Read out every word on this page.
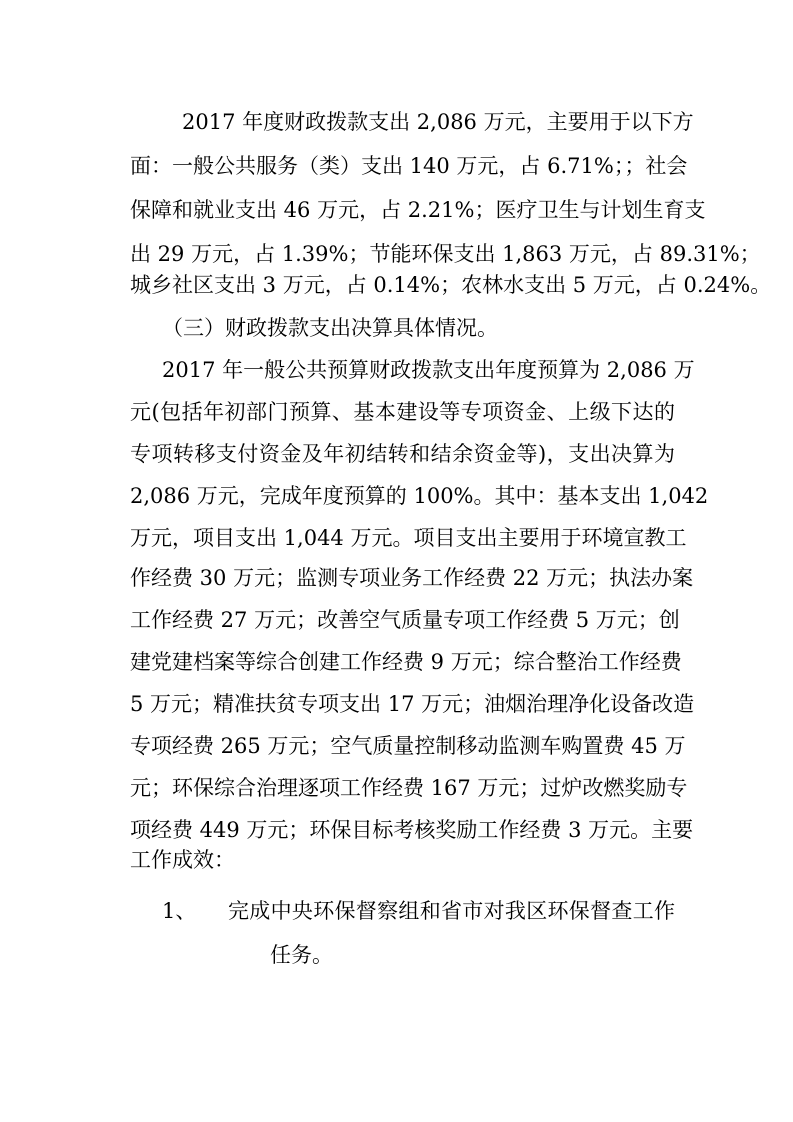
2017 年度财政拨款支出 2,086 万元，主要用于以下方
面：一般公共服务（类）支出 140 万元，占 6.71%；；社会
保障和就业支出 46 万元，占 2.21%；医疗卫生与计划生育支
出 29 万元，占 1.39%；节能环保支出 1,863 万元，占 89.31%；
城乡社区支出 3 万元，占 0.14%；农林水支出 5 万元，占 0.24%。
（三）财政拨款支出决算具体情况。
2017 年一般公共预算财政拨款支出年度预算为 2,086 万
元(包括年初部门预算、基本建设等专项资金、上级下达的
专项转移支付资金及年初结转和结余资金等)，支出决算为
2,086 万元，完成年度预算的 100%。其中：基本支出 1,042
万元，项目支出 1,044 万元。项目支出主要用于环境宣教工
作经费 30 万元；监测专项业务工作经费 22 万元；执法办案
工作经费 27 万元；改善空气质量专项工作经费 5 万元；创
建党建档案等综合创建工作经费 9 万元；综合整治工作经费
5 万元；精准扶贫专项支出 17 万元；油烟治理净化设备改造
专项经费 265 万元；空气质量控制移动监测车购置费 45 万
元；环保综合治理逐项工作经费 167 万元；过炉改燃奖励专
项经费 449 万元；环保目标考核奖励工作经费 3 万元。主要
工作成效：
1、 完成中央环保督察组和省市对我区环保督查工作
任务。
